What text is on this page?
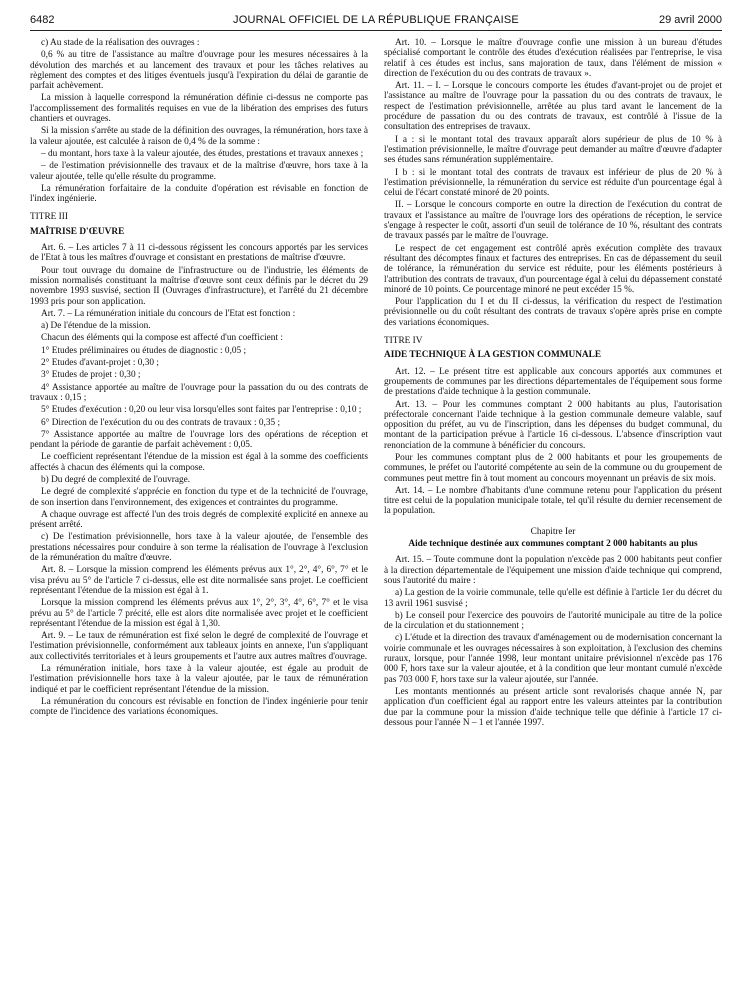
6482	JOURNAL OFFICIEL DE LA RÉPUBLIQUE FRANÇAISE	29 avril 2000

c) Au stade de la réalisation des ouvrages :

0,6 % au titre de l'assistance au maître d'ouvrage pour les mesures nécessaires à la dévolution des marchés et au lancement des travaux et pour les tâches relatives au règlement des comptes et des litiges éventuels jusqu'à l'expiration du délai de garantie de parfait achèvement.

La mission à laquelle correspond la rémunération définie ci-dessus ne comporte pas l'accomplissement des formalités requises en vue de la libération des emprises des futurs chantiers et ouvrages.

Si la mission s'arrête au stade de la définition des ouvrages, la rémunération, hors taxe à la valeur ajoutée, est calculée à raison de 0,4 % de la somme :

– du montant, hors taxe à la valeur ajoutée, des études, prestations et travaux annexes ;

– de l'estimation prévisionnelle des travaux et de la maîtrise d'œuvre, hors taxe à la valeur ajoutée, telle qu'elle résulte du programme.

La rémunération forfaitaire de la conduite d'opération est révisable en fonction de l'index ingénierie.

TITRE III

MAÎTRISE D'ŒUVRE

Art. 6. – Les articles 7 à 11 ci-dessous régissent les concours apportés par les services de l'Etat à tous les maîtres d'ouvrage et consistant en prestations de maîtrise d'œuvre.

Pour tout ouvrage du domaine de l'infrastructure ou de l'industrie, les éléments de mission normalisés constituant la maîtrise d'œuvre sont ceux définis par le décret du 29 novembre 1993 susvisé, section II (Ouvrages d'infrastructure), et l'arrêté du 21 décembre 1993 pris pour son application.

Art. 7. – La rémunération initiale du concours de l'Etat est fonction :

a) De l'étendue de la mission.

Chacun des éléments qui la compose est affecté d'un coefficient :

1° Etudes préliminaires ou études de diagnostic : 0,05 ;

2° Etudes d'avant-projet : 0,30 ;

3° Etudes de projet : 0,30 ;

4° Assistance apportée au maître de l'ouvrage pour la passation du ou des contrats de travaux : 0,15 ;

5° Etudes d'exécution : 0,20 ou leur visa lorsqu'elles sont faites par l'entreprise : 0,10 ;

6° Direction de l'exécution du ou des contrats de travaux : 0,35 ;

7° Assistance apportée au maître de l'ouvrage lors des opérations de réception et pendant la période de garantie de parfait achèvement : 0,05.

Le coefficient représentant l'étendue de la mission est égal à la somme des coefficients affectés à chacun des éléments qui la compose.

b) Du degré de complexité de l'ouvrage.

Le degré de complexité s'apprécie en fonction du type et de la technicité de l'ouvrage, de son insertion dans l'environnement, des exigences et contraintes du programme.

A chaque ouvrage est affecté l'un des trois degrés de complexité explicité en annexe au présent arrêté.

c) De l'estimation prévisionnelle, hors taxe à la valeur ajoutée, de l'ensemble des prestations nécessaires pour conduire à son terme la réalisation de l'ouvrage à l'exclusion de la rémunération du maître d'œuvre.

Art. 8. – Lorsque la mission comprend les éléments prévus aux 1°, 2°, 4°, 6°, 7° et le visa prévu au 5° de l'article 7 ci-dessus, elle est dite normalisée sans projet. Le coefficient représentant l'étendue de la mission est égal à 1.

Lorsque la mission comprend les éléments prévus aux 1°, 2°, 3°, 4°, 6°, 7° et le visa prévu au 5° de l'article 7 précité, elle est alors dite normalisée avec projet et le coefficient représentant l'étendue de la mission est égal à 1,30.

Art. 9. – Le taux de rémunération est fixé selon le degré de complexité de l'ouvrage et l'estimation prévisionnelle, conformément aux tableaux joints en annexe, l'un s'appliquant aux collectivités territoriales et à leurs groupements et l'autre aux autres maîtres d'ouvrage.

La rémunération initiale, hors taxe à la valeur ajoutée, est égale au produit de l'estimation prévisionnelle hors taxe à la valeur ajoutée, par le taux de rémunération indiqué et par le coefficient représentant l'étendue de la mission.

La rémunération du concours est révisable en fonction de l'index ingénierie pour tenir compte de l'incidence des variations économiques.

Art. 10. – Lorsque le maître d'ouvrage confie une mission à un bureau d'études spécialisé comportant le contrôle des études d'exécution réalisées par l'entreprise, le visa relatif à ces études est inclus, sans majoration de taux, dans l'élément de mission « direction de l'exécution du ou des contrats de travaux ».

Art. 11. – I. – Lorsque le concours comporte les études d'avant-projet ou de projet et l'assistance au maître de l'ouvrage pour la passation du ou des contrats de travaux, le respect de l'estimation prévisionnelle, arrêtée au plus tard avant le lancement de la procédure de passation du ou des contrats de travaux, est contrôlé à l'issue de la consultation des entreprises de travaux.

I a : si le montant total des travaux apparaît alors supérieur de plus de 10 % à l'estimation prévisionnelle, le maître d'ouvrage peut demander au maître d'œuvre d'adapter ses études sans rémunération supplémentaire.

I b : si le montant total des contrats de travaux est inférieur de plus de 20 % à l'estimation prévisionnelle, la rémunération du service est réduite d'un pourcentage égal à celui de l'écart constaté minoré de 20 points.

II. – Lorsque le concours comporte en outre la direction de l'exécution du contrat de travaux et l'assistance au maître de l'ouvrage lors des opérations de réception, le service s'engage à respecter le coût, assorti d'un seuil de tolérance de 10 %, résultant des contrats de travaux passés par le maître de l'ouvrage.

Le respect de cet engagement est contrôlé après exécution complète des travaux résultant des décomptes finaux et factures des entreprises. En cas de dépassement du seuil de tolérance, la rémunération du service est réduite, pour les éléments postérieurs à l'attribution des contrats de travaux, d'un pourcentage égal à celui du dépassement constaté minoré de 10 points. Ce pourcentage minoré ne peut excéder 15 %.

Pour l'application du I et du II ci-dessus, la vérification du respect de l'estimation prévisionnelle ou du coût résultant des contrats de travaux s'opère après prise en compte des variations économiques.

TITRE IV

AIDE TECHNIQUE À LA GESTION COMMUNALE

Art. 12. – Le présent titre est applicable aux concours apportés aux communes et groupements de communes par les directions départementales de l'équipement sous forme de prestations d'aide technique à la gestion communale.

Art. 13. – Pour les communes comptant 2 000 habitants au plus, l'autorisation préfectorale concernant l'aide technique à la gestion communale demeure valable, sauf opposition du préfet, au vu de l'inscription, dans les dépenses du budget communal, du montant de la participation prévue à l'article 16 ci-dessous. L'absence d'inscription vaut renonciation de la commune à bénéficier du concours.

Pour les communes comptant plus de 2 000 habitants et pour les groupements de communes, le préfet ou l'autorité compétente au sein de la commune ou du groupement de communes peut mettre fin à tout moment au concours moyennant un préavis de six mois.

Art. 14. – Le nombre d'habitants d'une commune retenu pour l'application du présent titre est celui de la population municipale totale, tel qu'il résulte du dernier recensement de la population.

Chapitre Ier
Aide technique destinée aux communes comptant 2 000 habitants au plus

Art. 15. – Toute commune dont la population n'excède pas 2 000 habitants peut confier à la direction départementale de l'équipement une mission d'aide technique qui comprend, sous l'autorité du maire :

a) La gestion de la voirie communale, telle qu'elle est définie à l'article 1er du décret du 13 avril 1961 susvisé ;

b) Le conseil pour l'exercice des pouvoirs de l'autorité municipale au titre de la police de la circulation et du stationnement ;

c) L'étude et la direction des travaux d'aménagement ou de modernisation concernant la voirie communale et les ouvrages nécessaires à son exploitation, à l'exclusion des chemins ruraux, lorsque, pour l'année 1998, leur montant unitaire prévisionnel n'excède pas 176 000 F, hors taxe sur la valeur ajoutée, et à la condition que leur montant cumulé n'excède pas 703 000 F, hors taxe sur la valeur ajoutée, sur l'année.

Les montants mentionnés au présent article sont revalorisés chaque année N, par application d'un coefficient égal au rapport entre les valeurs atteintes par la contribution due par la commune pour la mission d'aide technique telle que définie à l'article 17 ci-dessous pour l'année N – 1 et l'année 1997.
